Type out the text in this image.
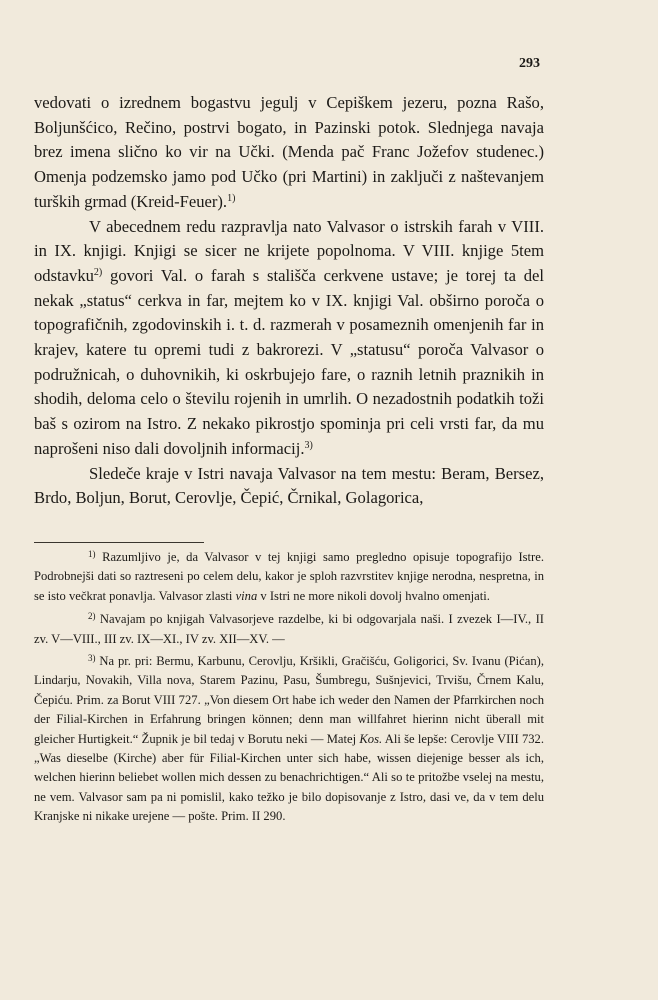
293

vedovati o izrednem bogastvu jegulj v Cepiškem jezeru, pozna Rašo, Boljunšćico, Rečino, postrvi bogato, in Pazinski potok. Slednjega navaja brez imena slično ko vir na Učki. (Menda pač Franc Jožefov studenec.) Omenja podzemsko jamo pod Učko (pri Martini) in zaključi z naštevanjem turških grmad (Kreid-Feuer).$^{1)}$

V abecednem redu razpravlja nato Valvasor o istrskih farah v VIII. in IX. knjigi. Knjigi se sicer ne krijete popolnoma. V VIII. knjige 5tem odstavku$^{2)}$ govori Val. o farah s stališča cerkvene ustave; je torej ta del nekak „status“ cerkva in far, mejtem ko v IX. knjigi Val. obširno poroča o topografičnih, zgodovinskih i. t. d. razmerah v posameznih omenjenih far in krajev, katere tu opremi tudi z bakrorezi. V „statusu“ poroča Valvasor o podružnicah, o duhovnikih, ki oskrbujejo fare, o raznih letnih praznikih in shodih, deloma celo o številu rojenih in umrlih. O nezadostnih podatkih toži baš s ozirom na Istro. Z nekako pikrostjo spominja pri celi vrsti far, da mu naprošeni niso dali dovoljnih informacij.$^{3)}$

Sledeče kraje v Istri navaja Valvasor na tem mestu: Beram, Bersez, Brdo, Boljun, Borut, Cerovlje, Čepić, Črnikal, Golagorica,

$^{1)}$ Razumljivo je, da Valvasor v tej knjigi samo pregledno opisuje topografijo Istre. Podrobnejši dati so raztreseni po celem delu, kakor je sploh razvrstitev knjige nerodna, nespretna, in se isto večkrat ponavlja. Valvasor zlasti vina v Istri ne more nikoli dovolj hvalno omenjati.

$^{2)}$ Navajam po knjigah Valvasorjeve razdelbe, ki bi odgovarjala naši. I zvezek I—IV., II zv. V—VIII., III zv. IX—XI., IV zv. XII—XV. —

$^{3)}$ Na pr. pri: Bermu, Karbunu, Cerovlju, Kršikli, Gračišću, Goligorici, Sv. Ivanu (Pićan), Lindarju, Novakih, Villa nova, Starem Pazinu, Pasu, Šumbregu, Sušnjevici, Trvišu, Črnem Kalu, Čepiću. Prim. za Borut VIII 727. „Von diesem Ort habe ich weder den Namen der Pfarrkirchen noch der Filial-Kirchen in Erfahrung bringen können; denn man willfahret hierinn nicht überall mit gleicher Hurtigkeit.“ Župnik je bil tedaj v Borutu neki — Matej Kos. Ali še lepše: Cerovlje VIII 732. „Was dieselbe (Kirche) aber für Filial-Kirchen unter sich habe, wissen diejenige besser als ich, welchen hierinn beliebet wollen mich dessen zu benachrichtigen.“ Ali so te pritožbe vselej na mestu, ne vem. Valvasor sam pa ni pomislil, kako težko je bilo dopisovanje z Istro, dasi ve, da v tem delu Kranjske ni nikake urejene — pošte. Prim. II 290.
